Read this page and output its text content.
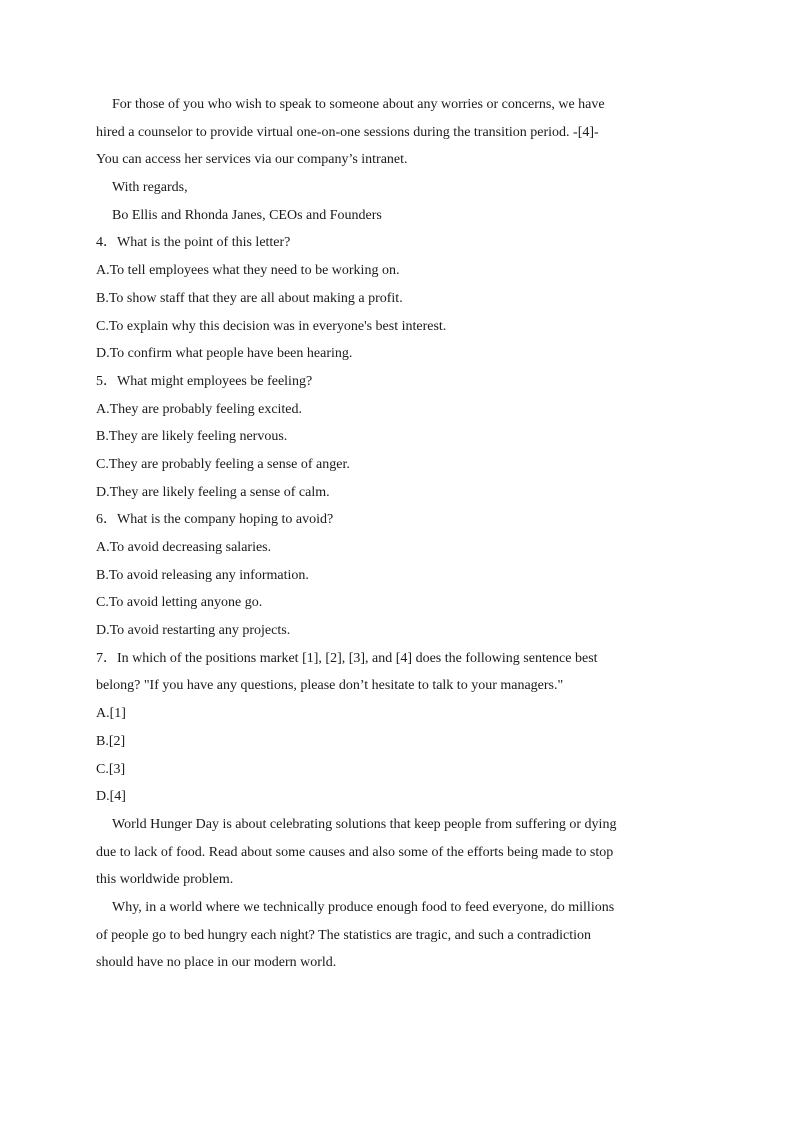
For those of you who wish to speak to someone about any worries or concerns, we have
hired a counselor to provide virtual one-on-one sessions during the transition period. -[4]-
You can access her services via our company’s intranet.
With regards,
Bo Ellis and Rhonda Janes, CEOs and Founders
4．What is the point of this letter?
A.To tell employees what they need to be working on.
B.To show staff that they are all about making a profit.
C.To explain why this decision was in everyone's best interest.
D.To confirm what people have been hearing.
5．What might employees be feeling?
A.They are probably feeling excited.
B.They are likely feeling nervous.
C.They are probably feeling a sense of anger.
D.They are likely feeling a sense of calm.
6．What is the company hoping to avoid?
A.To avoid decreasing salaries.
B.To avoid releasing any information.
C.To avoid letting anyone go.
D.To avoid restarting any projects.
7．In which of the positions market [1], [2], [3], and [4] does the following sentence best
belong? "If you have any questions, please don’t hesitate to talk to your managers."
A.[1]
B.[2]
C.[3]
D.[4]
World Hunger Day is about celebrating solutions that keep people from suffering or dying
due to lack of food. Read about some causes and also some of the efforts being made to stop
this worldwide problem.
Why, in a world where we technically produce enough food to feed everyone, do millions
of people go to bed hungry each night? The statistics are tragic, and such a contradiction
should have no place in our modern world.
